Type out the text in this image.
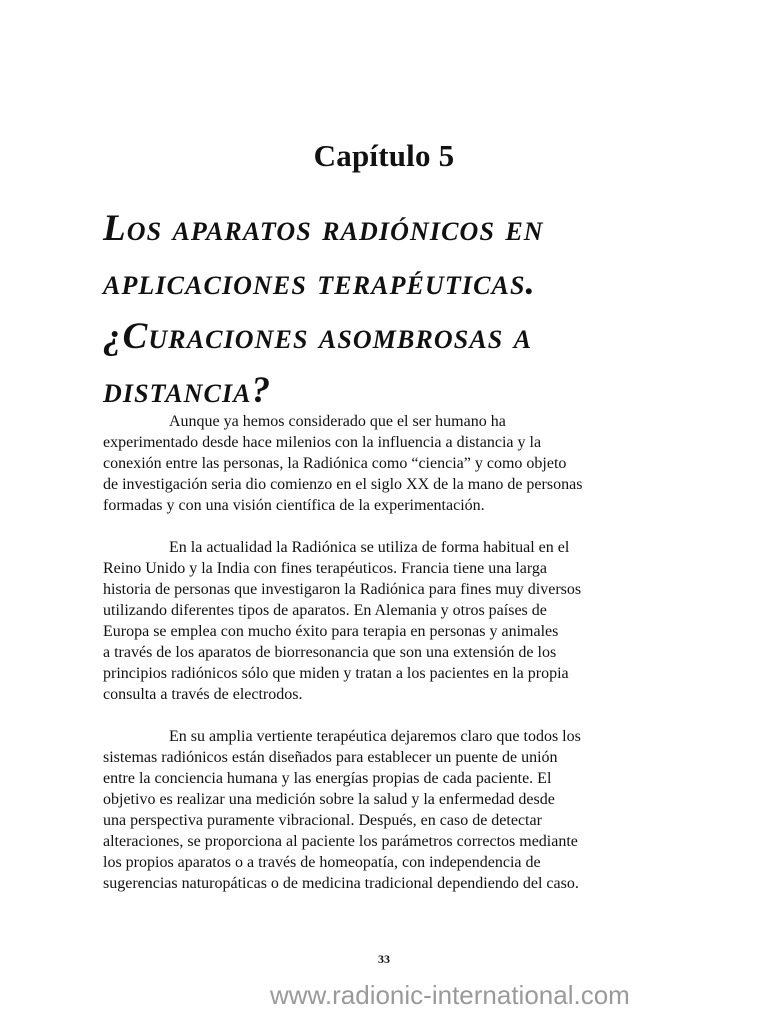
Capítulo 5
Los aparatos radiónicos en
aplicaciones terapéuticas.
¿Curaciones asombrosas a
distancia?
Aunque ya hemos considerado que el ser humano ha
experimentado desde hace milenios con la influencia a distancia y la
conexión entre las personas, la Radiónica como “ciencia” y como objeto
de investigación seria dio comienzo en el siglo XX de la mano de personas
formadas y con una visión científica de la experimentación.
En la actualidad la Radiónica se utiliza de forma habitual en el
Reino Unido y la India con fines terapéuticos. Francia tiene una larga
historia de personas que investigaron la Radiónica para fines muy diversos
utilizando diferentes tipos de aparatos. En Alemania y otros países de
Europa se emplea con mucho éxito para terapia en personas y animales
a través de los aparatos de biorresonancia que son una extensión de los
principios radiónicos sólo que miden y tratan a los pacientes en la propia
consulta a través de electrodos.
En su amplia vertiente terapéutica dejaremos claro que todos los
sistemas radiónicos están diseñados para establecer un puente de unión
entre la conciencia humana y las energías propias de cada paciente. El
objetivo es realizar una medición sobre la salud y la enfermedad desde
una perspectiva puramente vibracional. Después, en caso de detectar
alteraciones, se proporciona al paciente los parámetros correctos mediante
los propios aparatos o a través de homeopatía, con independencia de
sugerencias naturopáticas o de medicina tradicional dependiendo del caso.
33
www.radionic-international.com
